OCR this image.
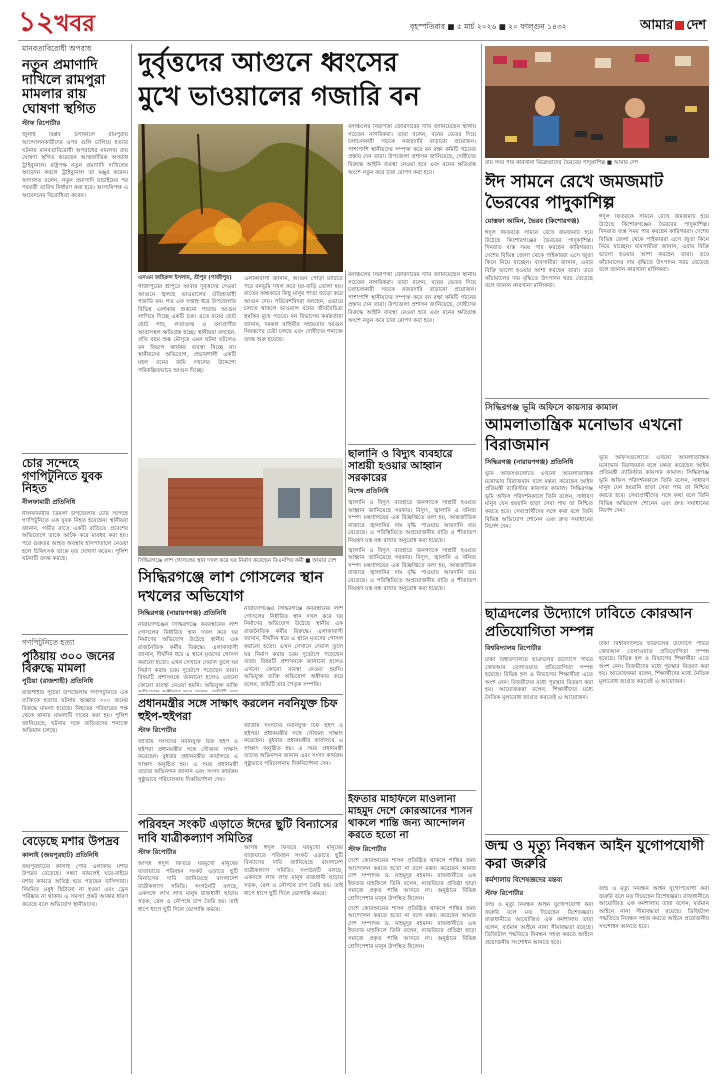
১২খবর	বৃহস্পতিবার ■ ৫ মার্চ ২০২৬ ■ ২০ ফাল্গুন ১৪৩২	আমার দেশ
মানবতাবিরোধী অপরাধ
নতুন প্রমাণাদি দাখিলে রামপুরা মামলার রায় ঘোষণা স্থগিত
স্টাফ রিপোর্টার

জুলাই বিপ্লব চলাকালে রামপুরায় আন্দোলনকারীদের ওপর গুলি চালিয়ে হত্যার ঘটনায় মানবতাবিরোধী অপরাধের মামলায় রায় ঘোষণা স্থগিত করেছেন আন্তর্জাতিক অপরাধ ট্রাইব্যুনাল। রাষ্ট্রপক্ষ নতুন প্রমাণাদি দাখিলের আবেদন করলে ট্রাইব্যুনাল তা মঞ্জুর করেন। আদালত বলেন, নতুন প্রমাণাদি যাচাইয়ের পর পরবর্তী তারিখ নির্ধারণ করা হবে। আসামিপক্ষ এ আবেদনের বিরোধিতা করেন।

চোর সন্দেহে গণপিটুনিতে যুবক নিহত
নীলফামারী প্রতিনিধি

নীলফামারীর ডিমলা উপজেলায় চোর সন্দেহে গণপিটুনিতে এক যুবক নিহত হয়েছেন। স্থানীয়রা জানান, গভীর রাতে একটি বাড়িতে প্রবেশের অভিযোগে তাকে আটক করে মারধর করা হয়। পরে গুরুতর আহত অবস্থায় হাসপাতালে নেওয়া হলে চিকিৎসক তাকে মৃত ঘোষণা করেন। পুলিশ ঘটনাটি তদন্ত করছে।

গণপিটুনিতে হত্যা
পুঠিয়ায় ৩০০ জনের বিরুদ্ধে মামলা
পুঠিয়া (রাজশাহী) প্রতিনিধি

রাজশাহীর পুঠিয়া উপজেলায় গণপিটুনিতে এক ব্যক্তিকে হত্যার ঘটনায় অজ্ঞাত ৩০০ জনের বিরুদ্ধে মামলা হয়েছে। নিহতের পরিবারের পক্ষ থেকে থানায় মামলাটি দায়ের করা হয়। পুলিশ জানিয়েছে, ঘটনার সঙ্গে জড়িতদের শনাক্তে অভিযান চলছে।

বেড়েছে মশার উপদ্রব
কালাই (জয়পুরহাট) প্রতিনিধি

জয়পুরহাটের কালাই পৌর এলাকায় মশার উপদ্রব বেড়েছে। সন্ধ্যা নামলেই ঘরে-বাইরে মশার কামড়ে অতিষ্ঠ হয়ে পড়ছেন বাসিন্দারা। নিয়মিত ওষুধ ছিটানো না হওয়া এবং ড্রেন পরিষ্কার না থাকায় এ সমস্যা প্রকট আকার ধারণ করেছে বলে অভিযোগ স্থানীয়দের।

দুর্বৃত্তদের আগুনে ধ্বংসের
মুখে ভাওয়ালের গজারি বন
এসএম জহিরুল ইসলাম, শ্রীপুর (গাজীপুর)

গাজীপুরের শ্রীপুরে আবার দুর্বৃত্তদের দেওয়া আগুনে জ্বলছে ভাওয়ালের ঐতিহ্যবাহী গজারি বন। গত এক সপ্তাহ ধরে উপজেলার বিভিন্ন এলাকায় শুকনো পাতায় আগুন লাগিয়ে দিচ্ছে একটি চক্র। এতে বনের ছোট ছোট গাছ, লতাগুল্ম ও বন্যপ্রাণীর আবাসস্থল ক্ষতিগ্রস্ত হচ্ছে। স্থানীয়রা বলছেন, প্রতি বছর শুষ্ক মৌসুমে এমন ঘটনা ঘটলেও বন বিভাগ কার্যকর ব্যবস্থা নিচ্ছে না। স্থানীয়দের অভিযোগ, প্রভাবশালী একটি মহল বনের জমি দখলের উদ্দেশ্যে পরিকল্পিতভাবে আগুন দিচ্ছে।

এলাকাবাসী জানান, আগুন পোড়া মাটিতে পরে বনভূমি দখল করে ঘর-বাড়ি তোলা হয়। রাতের অন্ধকারে কিছু মানুষ পাতা জড়ো করে আগুন দেয়। পরিবেশবিদরা বলছেন, এভাবে চলতে থাকলে ভাওয়াল বনের জীববৈচিত্র্য হুমকির মুখে পড়বে। বন বিভাগের কর্মকর্তারা জানান, দমকল বাহিনীর সহায়তায় আগুন নিয়ন্ত্রণের চেষ্টা চলছে এবং দোষীদের শনাক্তে তদন্ত শুরু হয়েছে।

বনাঞ্চলের নিরাপত্তা জোরদারের দাবি জানিয়েছেন স্থানীয় সচেতন নাগরিকরা। তারা বলেন, বনের ভেতর দিয়ে চলাচলকারী সড়কে নজরদারি বাড়ানো প্রয়োজন। পাশাপাশি স্থানীয়দের সম্পৃক্ত করে বন রক্ষা কমিটি গঠনের প্রস্তাব দেন তারা। উপজেলা প্রশাসন জানিয়েছে, দোষীদের বিরুদ্ধে আইনি ব্যবস্থা নেওয়া হবে এবং বনের ক্ষতিগ্রস্ত অংশে নতুন করে চারা রোপণ করা হবে।

সিদ্ধিরগঞ্জে লাশ গোসলের স্থান দখল করে ঘর নির্মাণ করেছেন বিএনপির কর্মী ■ আমার দেশ

বনাঞ্চলের নিরাপত্তা জোরদারের দাবি জানিয়েছেন স্থানীয় সচেতন নাগরিকরা। তারা বলেন, বনের ভেতর দিয়ে চলাচলকারী সড়কে নজরদারি বাড়ানো প্রয়োজন। পাশাপাশি স্থানীয়দের সম্পৃক্ত করে বন রক্ষা কমিটি গঠনের প্রস্তাব দেন তারা। উপজেলা প্রশাসন জানিয়েছে, দোষীদের বিরুদ্ধে আইনি ব্যবস্থা নেওয়া হবে এবং বনের ক্ষতিগ্রস্ত অংশে নতুন করে চারা রোপণ করা হবে।

ছালানি ও বিদ্যুৎ ব্যবহারে সাশ্রয়ী হওয়ার আহ্বান সরকারের
বিশেষ প্রতিনিধি

জ্বালানি ও বিদ্যুৎ ব্যবহারে জনগণকে সাশ্রয়ী হওয়ার আহ্বান জানিয়েছে সরকার। বিদ্যুৎ, জ্বালানি ও খনিজ সম্পদ মন্ত্রণালয়ের এক বিজ্ঞপ্তিতে বলা হয়, আন্তর্জাতিক বাজারে জ্বালানির দাম বৃদ্ধি পাওয়ায় আমদানি ব্যয় বেড়েছে। এ পরিস্থিতিতে অপ্রয়োজনীয় বাতি ও শীতাতপ নিয়ন্ত্রণ যন্ত্র বন্ধ রাখার অনুরোধ করা হয়েছে।

জ্বালানি ও বিদ্যুৎ ব্যবহারে জনগণকে সাশ্রয়ী হওয়ার আহ্বান জানিয়েছে সরকার। বিদ্যুৎ, জ্বালানি ও খনিজ সম্পদ মন্ত্রণালয়ের এক বিজ্ঞপ্তিতে বলা হয়, আন্তর্জাতিক বাজারে জ্বালানির দাম বৃদ্ধি পাওয়ায় আমদানি ব্যয় বেড়েছে। এ পরিস্থিতিতে অপ্রয়োজনীয় বাতি ও শীতাতপ নিয়ন্ত্রণ যন্ত্র বন্ধ রাখার অনুরোধ করা হয়েছে।

ইফতার মাহফিলে মাওলানা মাহমুদ দেশে কোরআনের শাসন থাকলে শান্তি জন্য আন্দোলন করতে হতো না
স্টাফ রিপোর্টার

দেশে কোরআনের শাসন প্রতিষ্ঠিত থাকলে শান্তির জন্য আন্দোলন করতে হতো না বলে মন্তব্য করেছেন আমার দেশ সম্পাদক ড. মাহমুদুর রহমান। রাজধানীতে এক ইফতার মাহফিলে তিনি বলেন, ন্যায়বিচার প্রতিষ্ঠা ছাড়া সমাজে প্রকৃত শান্তি আসবে না। অনুষ্ঠানে বিভিন্ন শ্রেণিপেশার মানুষ উপস্থিত ছিলেন।

দেশে কোরআনের শাসন প্রতিষ্ঠিত থাকলে শান্তির জন্য আন্দোলন করতে হতো না বলে মন্তব্য করেছেন আমার দেশ সম্পাদক ড. মাহমুদুর রহমান। রাজধানীতে এক ইফতার মাহফিলে তিনি বলেন, ন্যায়বিচার প্রতিষ্ঠা ছাড়া সমাজে প্রকৃত শান্তি আসবে না। অনুষ্ঠানে বিভিন্ন শ্রেণিপেশার মানুষ উপস্থিত ছিলেন।

সিদ্ধিরগঞ্জে লাশ গোসলের স্থান দখলের অভিযোগ
সিদ্ধিরগঞ্জ (নারায়ণগঞ্জ) প্রতিনিধি

নারায়ণগঞ্জের সিদ্ধিরগঞ্জে কবরস্থানের লাশ গোসলের নির্ধারিত স্থান দখল করে ঘর নির্মাণের অভিযোগ উঠেছে স্থানীয় এক রাজনৈতিক কর্মীর বিরুদ্ধে। এলাকাবাসী জানান, দীর্ঘদিন ধরে এ স্থানে মৃতদের গোসল করানো হতো। এখন সেখানে দেয়াল তুলে ঘর নির্মাণ করায় চরম দুর্ভোগে পড়েছেন তারা। বিষয়টি প্রশাসনকে জানানো হলেও এখনো কোনো ব্যবস্থা নেওয়া হয়নি। অভিযুক্ত ব্যক্তি

নারায়ণগঞ্জের সিদ্ধিরগঞ্জে কবরস্থানের লাশ গোসলের নির্ধারিত স্থান দখল করে ঘর নির্মাণের অভিযোগ উঠেছে স্থানীয় এক রাজনৈতিক কর্মীর বিরুদ্ধে। এলাকাবাসী জানান, দীর্ঘদিন ধরে এ স্থানে মৃতদের গোসল করানো হতো। এখন সেখানে দেয়াল তুলে ঘর নির্মাণ করায় চরম দুর্ভোগে পড়েছেন তারা। বিষয়টি প্রশাসনকে জানানো হলেও এখনো কোনো ব্যবস্থা নেওয়া হয়নি। অভিযুক্ত ব্যক্তি অভিযোগ অস্বীকার করে বলেন, জমিটি তার পৈতৃক সম্পত্তি।

প্রধানমন্ত্রীর সঙ্গে সাক্ষাৎ করলেন নবনিযুক্ত চিফ হুইপ-হুইপরা
স্টাফ রিপোর্টার

জাতীয় সংসদের নবনিযুক্ত চিফ হুইপ ও হুইপরা প্রধানমন্ত্রীর সঙ্গে সৌজন্য সাক্ষাৎ করেছেন। বুধবার প্রধানমন্ত্রীর কার্যালয়ে এ সাক্ষাৎ অনুষ্ঠিত হয়। এ সময় প্রধানমন্ত্রী তাদের অভিনন্দন জানান এবং সংসদ কার্যক্রম সুষ্ঠুভাবে পরিচালনায় দিকনির্দেশনা দেন।

জাতীয় সংসদের নবনিযুক্ত চিফ হুইপ ও হুইপরা প্রধানমন্ত্রীর সঙ্গে সৌজন্য সাক্ষাৎ করেছেন। বুধবার প্রধানমন্ত্রীর কার্যালয়ে এ সাক্ষাৎ অনুষ্ঠিত হয়। এ সময় প্রধানমন্ত্রী তাদের অভিনন্দন জানান এবং সংসদ কার্যক্রম সুষ্ঠুভাবে পরিচালনায় দিকনির্দেশনা দেন।

পরিবহন সংকট এড়াতে ঈদের ছুটি বিন্যাসের দাবি যাত্রীকল্যাণ সমিতির
স্টাফ রিপোর্টার

আসন্ন ঈদুল ফিতরে ঘরমুখো মানুষের যাতায়াতে পরিবহন সংকট এড়াতে ছুটি বিন্যাসের দাবি জানিয়েছে বাংলাদেশ যাত্রীকল্যাণ সমিতি। সংগঠনটি বলছে, একসঙ্গে লাখ লাখ মানুষ রাজধানী ছাড়ায় সড়ক, রেল ও নৌপথে চাপ তৈরি হয়। তাই ধাপে ধাপে ছুটি দিলে ভোগান্তি কমবে।

আসন্ন ঈদুল ফিতরে ঘরমুখো মানুষের যাতায়াতে পরিবহন সংকট এড়াতে ছুটি বিন্যাসের দাবি জানিয়েছে বাংলাদেশ যাত্রীকল্যাণ সমিতি। সংগঠনটি বলছে, একসঙ্গে লাখ লাখ মানুষ রাজধানী ছাড়ায় সড়ক, রেল ও নৌপথে চাপ তৈরি হয়। তাই ধাপে ধাপে ছুটি দিলে ভোগান্তি কমবে।

রায় সদর পার কারখানা বিক্রেতাদের ভৈরবের পাদুকাশিল্প ■ আমার দেশ
ঈদ সামনে রেখে জমজমাট ভৈরবের পাদুকাশিল্প
মোস্তফা আমিন, ভৈরব (কিশোরগঞ্জ)

ঈদুল ফিতরকে সামনে রেখে জমজমাট হয়ে উঠেছে কিশোরগঞ্জের ভৈরবের পাদুকাশিল্প। দিনরাত ব্যস্ত সময় পার করছেন কারিগররা। দেশের বিভিন্ন জেলা থেকে পাইকাররা এসে জুতা কিনে নিয়ে যাচ্ছেন। ব্যবসায়ীরা জানান, এবার বিক্রি ভালো হওয়ার আশা করছেন তারা। তবে কাঁচামালের দাম বৃদ্ধিতে উৎপাদন খরচ বেড়েছে বলে জানান কারখানা মালিকরা।

ঈদুল ফিতরকে সামনে রেখে জমজমাট হয়ে উঠেছে কিশোরগঞ্জের ভৈরবের পাদুকাশিল্প। দিনরাত ব্যস্ত সময় পার করছেন কারিগররা। দেশের বিভিন্ন জেলা থেকে পাইকাররা এসে জুতা কিনে নিয়ে যাচ্ছেন। ব্যবসায়ীরা জানান, এবার বিক্রি ভালো হওয়ার আশা করছেন তারা। তবে কাঁচামালের দাম বৃদ্ধিতে উৎপাদন খরচ বেড়েছে বলে জানান কারখানা মালিকরা।

সিদ্ধিরগঞ্জ ভূমি অফিসে কায়সার কামাল
আমলাতান্ত্রিক মনোভাব এখনো বিরাজমান
সিদ্ধিরগঞ্জ (নারায়ণগঞ্জ) প্রতিনিধি

ভূমি অফিসগুলোতে এখনো আমলাতান্ত্রিক মনোভাব বিরাজমান বলে মন্তব্য করেছেন আইন প্রতিমন্ত্রী ব্যারিস্টার কায়সার কামাল। সিদ্ধিরগঞ্জ ভূমি অফিস পরিদর্শনকালে তিনি বলেন, সাধারণ মানুষ যেন হয়রানি ছাড়া সেবা পায় তা নিশ্চিত করতে হবে। সেবাপ্রার্থীদের সঙ্গে কথা বলে তিনি বিভিন্ন অভিযোগ শোনেন এবং দ্রুত সমাধানের নির্দেশ দেন।

ভূমি অফিসগুলোতে এখনো আমলাতান্ত্রিক মনোভাব বিরাজমান বলে মন্তব্য করেছেন আইন প্রতিমন্ত্রী ব্যারিস্টার কায়সার কামাল। সিদ্ধিরগঞ্জ ভূমি অফিস পরিদর্শনকালে তিনি বলেন, সাধারণ মানুষ যেন হয়রানি ছাড়া সেবা পায় তা নিশ্চিত করতে হবে। সেবাপ্রার্থীদের সঙ্গে কথা বলে তিনি বিভিন্ন অভিযোগ শোনেন এবং দ্রুত সমাধানের নির্দেশ দেন।

ছাত্রদলের উদ্যোগে ঢাবিতে কোরআন প্রতিযোগিতা সম্পন্ন
বিশ্ববিদ্যালয় রিপোর্টার

ঢাকা বিশ্ববিদ্যালয়ে ছাত্রদলের উদ্যোগে পবিত্র কোরআন তেলাওয়াত প্রতিযোগিতা সম্পন্ন হয়েছে। বিভিন্ন হল ও বিভাগের শিক্ষার্থীরা এতে অংশ নেন। বিজয়ীদের মধ্যে পুরস্কার বিতরণ করা হয়। আয়োজকরা বলেন, শিক্ষার্থীদের মধ্যে নৈতিক মূল্যবোধ জাগ্রত করতেই এ আয়োজন।

ঢাকা বিশ্ববিদ্যালয়ে ছাত্রদলের উদ্যোগে পবিত্র কোরআন তেলাওয়াত প্রতিযোগিতা সম্পন্ন হয়েছে। বিভিন্ন হল ও বিভাগের শিক্ষার্থীরা এতে অংশ নেন। বিজয়ীদের মধ্যে পুরস্কার বিতরণ করা হয়। আয়োজকরা বলেন, শিক্ষার্থীদের মধ্যে নৈতিক মূল্যবোধ জাগ্রত করতেই এ আয়োজন।

জন্ম ও মৃত্যু নিবন্ধন আইন যুগোপযোগী করা জরুরি
কর্মশালায় বিশেষজ্ঞদের মন্তব্য
স্টাফ রিপোর্টার

জন্ম ও মৃত্যু নিবন্ধন আইন যুগোপযোগী করা জরুরি বলে মত দিয়েছেন বিশেষজ্ঞরা। রাজধানীতে আয়োজিত এক কর্মশালায় তারা বলেন, বর্তমান আইনে নানা সীমাবদ্ধতা রয়েছে। ডিজিটাল পদ্ধতিতে নিবন্ধন সহজ করতে আইনে প্রয়োজনীয় সংশোধন আনতে হবে।

জন্ম ও মৃত্যু নিবন্ধন আইন যুগোপযোগী করা জরুরি বলে মত দিয়েছেন বিশেষজ্ঞরা। রাজধানীতে আয়োজিত এক কর্মশালায় তারা বলেন, বর্তমান আইনে নানা সীমাবদ্ধতা রয়েছে। ডিজিটাল পদ্ধতিতে নিবন্ধন সহজ করতে আইনে প্রয়োজনীয় সংশোধন আনতে হবে।
